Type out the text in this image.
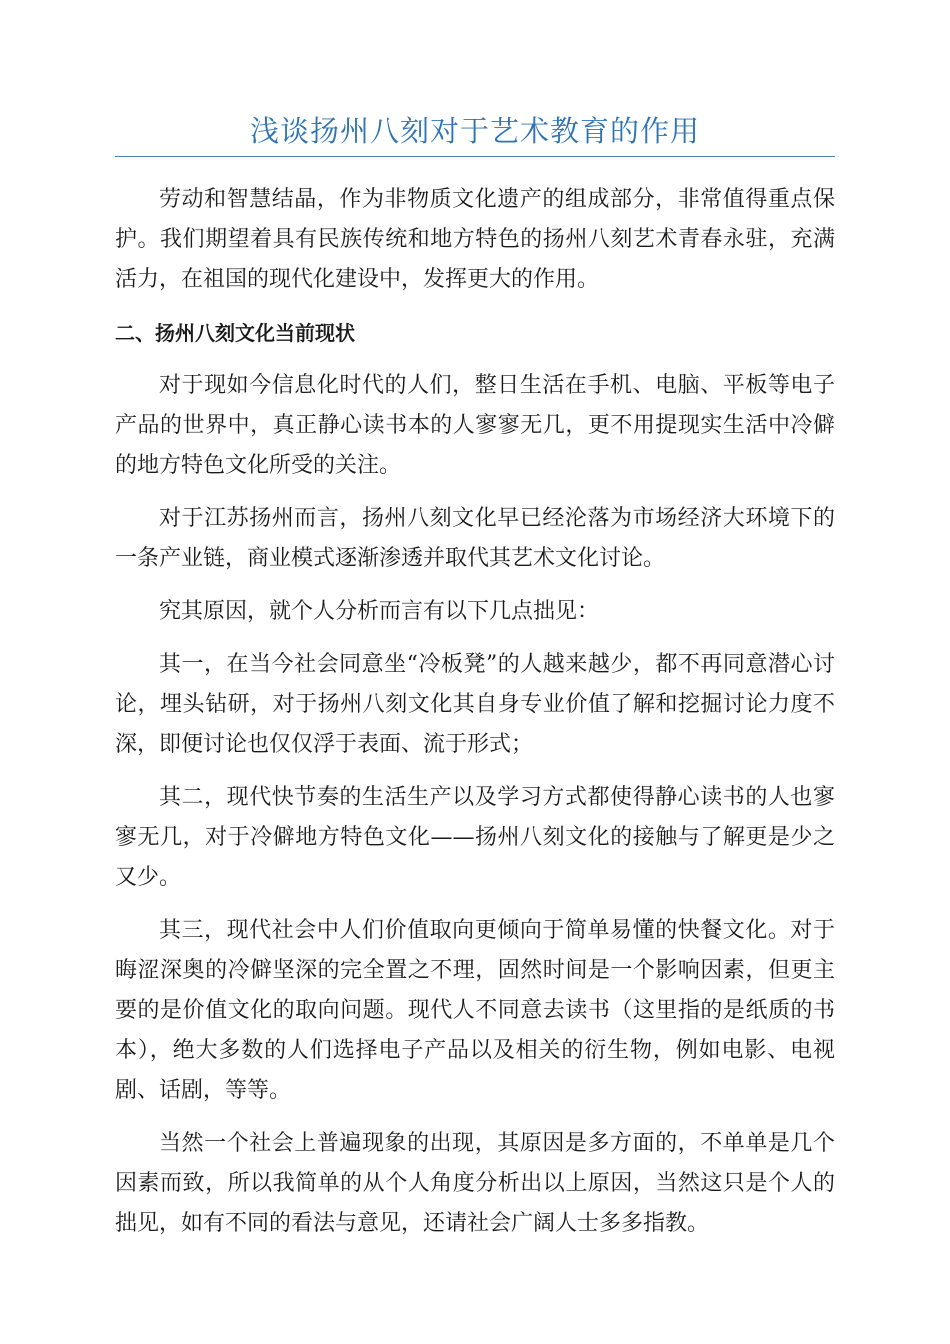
浅谈扬州八刻对于艺术教育的作用

劳动和智慧结晶，作为非物质文化遗产的组成部分，非常值得重点保护。我们期望着具有民族传统和地方特色的扬州八刻艺术青春永驻，充满活力，在祖国的现代化建设中，发挥更大的作用。

二、扬州八刻文化当前现状

对于现如今信息化时代的人们，整日生活在手机、电脑、平板等电子产品的世界中，真正静心读书本的人寥寥无几，更不用提现实生活中冷僻的地方特色文化所受的关注。

对于江苏扬州而言，扬州八刻文化早已经沦落为市场经济大环境下的一条产业链，商业模式逐渐渗透并取代其艺术文化讨论。

究其原因，就个人分析而言有以下几点拙见：

其一，在当今社会同意坐“冷板凳”的人越来越少，都不再同意潜心讨论，埋头钻研，对于扬州八刻文化其自身专业价值了解和挖掘讨论力度不深，即便讨论也仅仅浮于表面、流于形式；

其二，现代快节奏的生活生产以及学习方式都使得静心读书的人也寥寥无几，对于冷僻地方特色文化——扬州八刻文化的接触与了解更是少之又少。

其三，现代社会中人们价值取向更倾向于简单易懂的快餐文化。对于晦涩深奥的冷僻坚深的完全置之不理，固然时间是一个影响因素，但更主要的是价值文化的取向问题。现代人不同意去读书（这里指的是纸质的书本），绝大多数的人们选择电子产品以及相关的衍生物，例如电影、电视剧、话剧，等等。

当然一个社会上普遍现象的出现，其原因是多方面的，不单单是几个因素而致，所以我简单的从个人角度分析出以上原因，当然这只是个人的拙见，如有不同的看法与意见，还请社会广阔人士多多指教。
